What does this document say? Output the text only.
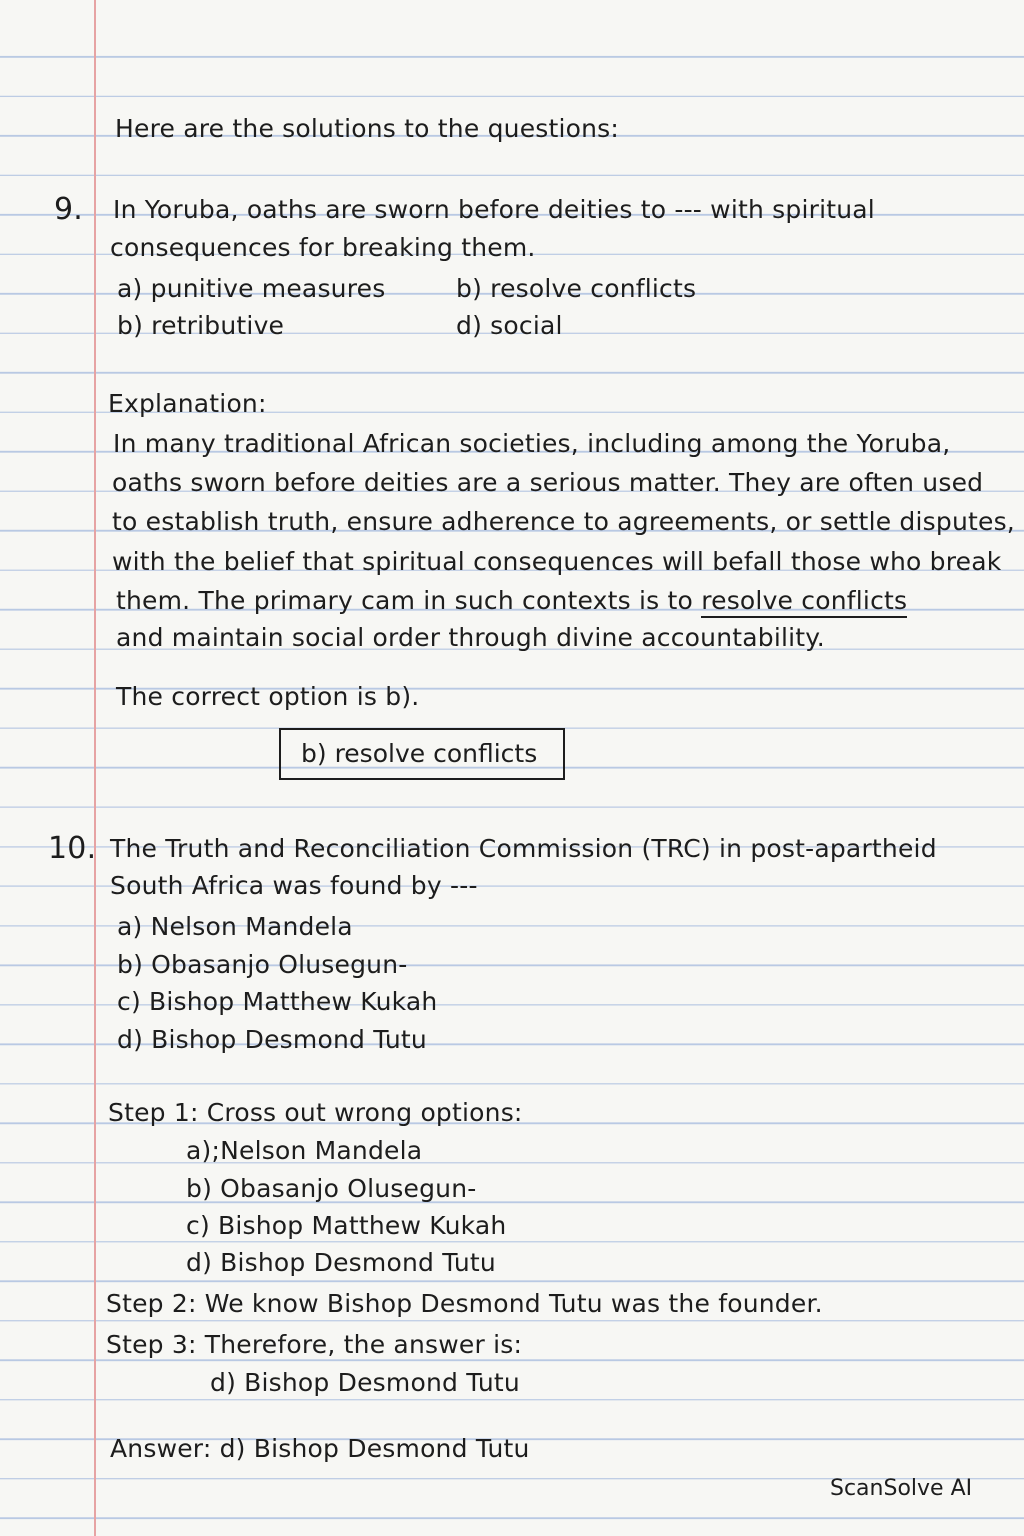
Here are the solutions to the questions:
9. In Yoruba, oaths are sworn before deities to --- with spiritual
consequences for breaking them.
a) punitive measures	b) resolve conflicts
b) retributive	d) social
Explanation:
In many traditional African societies, including among the Yoruba,
oaths sworn before deities are a serious matter. They are often used
to establish truth, ensure adherence to agreements, or settle disputes,
with the belief that spiritual consequences will befall those who break
them. The primary cam in such contexts is to resolve conflicts
and maintain social order through divine accountability.
The correct option is b).
b) resolve conflicts
10. The Truth and Reconciliation Commission (TRC) in post-apartheid
South Africa was found by ---
a) Nelson Mandela
b) Obasanjo Olusegun-
c) Bishop Matthew Kukah
d) Bishop Desmond Tutu
Step 1: Cross out wrong options:
a);Nelson Mandela
b) Obasanjo Olusegun-
c) Bishop Matthew Kukah
d) Bishop Desmond Tutu
Step 2: We know Bishop Desmond Tutu was the founder.
Step 3: Therefore, the answer is:
d) Bishop Desmond Tutu
Answer: d) Bishop Desmond Tutu
ScanSolve AI
